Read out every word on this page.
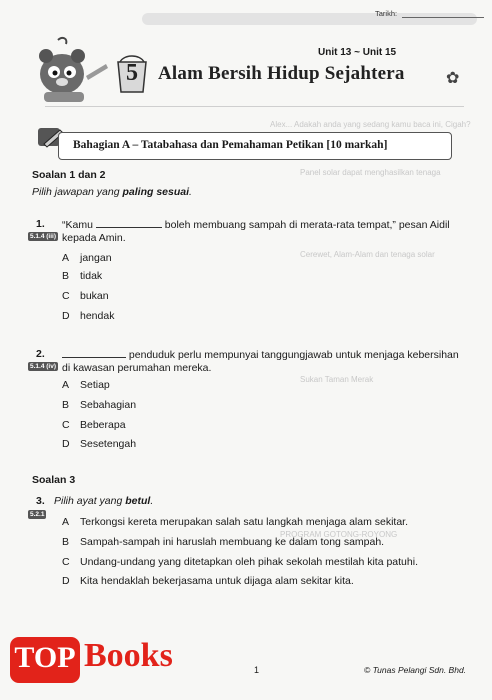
Alex... Adakah anda yang sedang kamu baca ini, Cigah?
Panel solar dapat menghasilkan tenaga
Cerewet, Alam-Alam dan tenaga solar
Sukan Taman Merak
PROGRAM GOTONG-ROYONG
Tarikh:
Unit 13 ~ Unit 15
5	Alam Bersih Hidup Sejahtera	✿
Bahagian A – Tatabahasa dan Pemahaman Petikan [10 markah]
Soalan 1 dan 2
Pilih jawapan yang paling sesuai.
1. “Kamu	boleh membuang sampah di merata-rata tempat,” pesan Aidil
5.1.4 (iii) kepada Amin.
A jangan
B tidak
C bukan
D hendak
2.	penduduk perlu mempunyai tanggungjawab untuk menjaga kebersihan
5.1.4 (iv) di kawasan perumahan mereka.
A Setiap
B Sebahagian
C Beberapa
D Sesetengah
Soalan 3
3. Pilih ayat yang betul.
5.2.1
A Terkongsi kereta merupakan salah satu langkah menjaga alam sekitar.
B Sampah-sampah ini haruslah membuang ke dalam tong sampah.
C Undang-undang yang ditetapkan oleh pihak sekolah mestilah kita patuhi.
D Kita hendaklah bekerjasama untuk dijaga alam sekitar kita.
TOP Books	1	© Tunas Pelangi Sdn. Bhd.
